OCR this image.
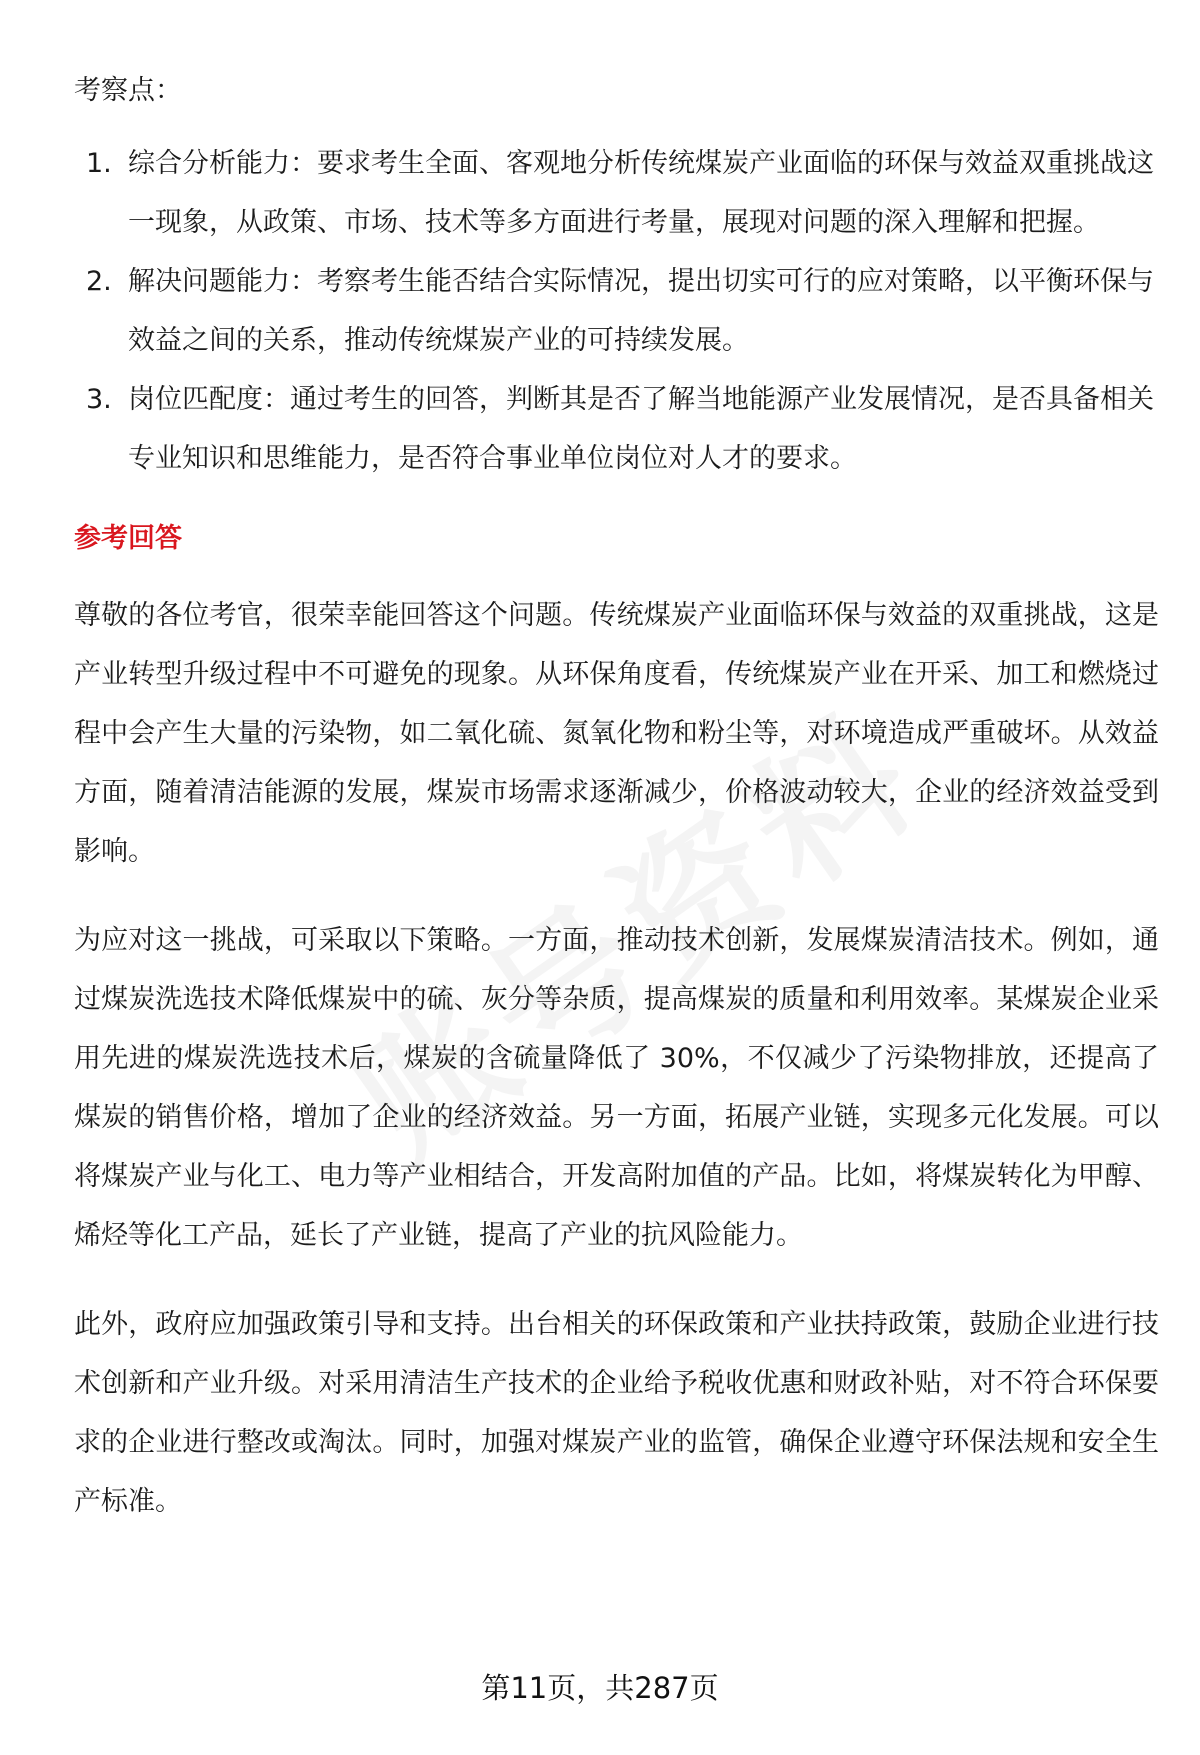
考察点：
1. 综合分析能力：要求考生全面、客观地分析传统煤炭产业面临的环保与效益双重挑战这一现象，从政策、市场、技术等多方面进行考量，展现对问题的深入理解和把握。
2. 解决问题能力：考察考生能否结合实际情况，提出切实可行的应对策略，以平衡环保与效益之间的关系，推动传统煤炭产业的可持续发展。
3. 岗位匹配度：通过考生的回答，判断其是否了解当地能源产业发展情况，是否具备相关专业知识和思维能力，是否符合事业单位岗位对人才的要求。
参考回答

尊敬的各位考官，很荣幸能回答这个问题。传统煤炭产业面临环保与效益的双重挑战，这是产业转型升级过程中不可避免的现象。从环保角度看，传统煤炭产业在开采、加工和燃烧过程中会产生大量的污染物，如二氧化硫、氮氧化物和粉尘等，对环境造成严重破坏。从效益方面，随着清洁能源的发展，煤炭市场需求逐渐减少，价格波动较大，企业的经济效益受到影响。

为应对这一挑战，可采取以下策略。一方面，推动技术创新，发展煤炭清洁技术。例如，通过煤炭洗选技术降低煤炭中的硫、灰分等杂质，提高煤炭的质量和利用效率。某煤炭企业采用先进的煤炭洗选技术后，煤炭的含硫量降低了 30%，不仅减少了污染物排放，还提高了煤炭的销售价格，增加了企业的经济效益。另一方面，拓展产业链，实现多元化发展。可以将煤炭产业与化工、电力等产业相结合，开发高附加值的产品。比如，将煤炭转化为甲醇、烯烃等化工产品，延长了产业链，提高了产业的抗风险能力。

此外，政府应加强政策引导和支持。出台相关的环保政策和产业扶持政策，鼓励企业进行技术创新和产业升级。对采用清洁生产技术的企业给予税收优惠和财政补贴，对不符合环保要求的企业进行整改或淘汰。同时，加强对煤炭产业的监管，确保企业遵守环保法规和安全生产标准。

第11页，共287页
